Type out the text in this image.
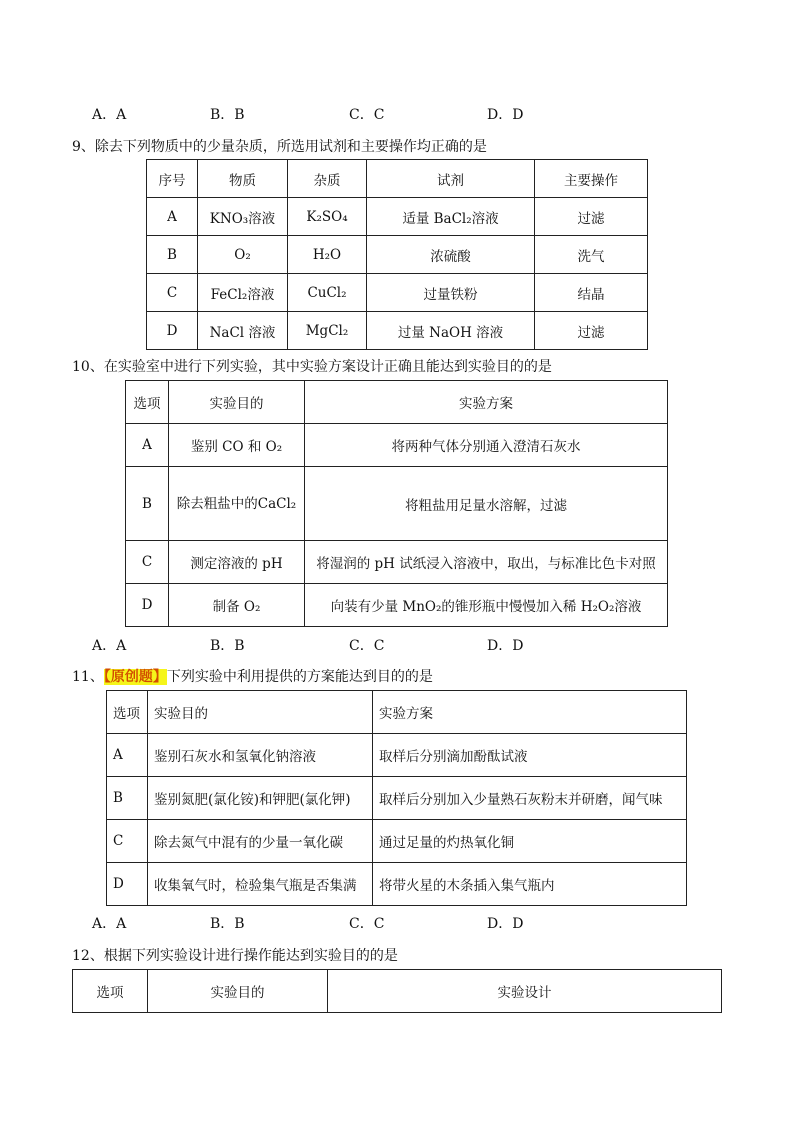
A．A	B．B	C．C	D．D
9、除去下列物质中的少量杂质，所选用试剂和主要操作均正确的是
序号	物质	杂质	试剂	主要操作
A	KNO₃溶液	K₂SO₄	适量 BaCl₂溶液	过滤
B	O₂	H₂O	浓硫酸	洗气
C	FeCl₂溶液	CuCl₂	过量铁粉	结晶
D	NaCl 溶液	MgCl₂	过量 NaOH 溶液	过滤
10、在实验室中进行下列实验，其中实验方案设计正确且能达到实验目的的是
选项	实验目的	实验方案
A	鉴别 CO 和 O₂	将两种气体分别通入澄清石灰水
B	除去粗盐中的CaCl₂	将粗盐用足量水溶解，过滤
C	测定溶液的 pH	将湿润的 pH 试纸浸入溶液中，取出，与标准比色卡对照
D	制备 O₂	向装有少量 MnO₂的锥形瓶中慢慢加入稀 H₂O₂溶液
A．A	B．B	C．C	D．D
11、【原创题】下列实验中利用提供的方案能达到目的的是
选项	实验目的	实验方案
A	鉴别石灰水和氢氧化钠溶液	取样后分别滴加酚酞试液
B	鉴别氮肥(氯化铵)和钾肥(氯化钾)	取样后分别加入少量熟石灰粉末并研磨，闻气味
C	除去氮气中混有的少量一氧化碳	通过足量的灼热氧化铜
D	收集氧气时，检验集气瓶是否集满	将带火星的木条插入集气瓶内
A．A	B．B	C．C	D．D
12、根据下列实验设计进行操作能达到实验目的的是
选项	实验目的	实验设计
